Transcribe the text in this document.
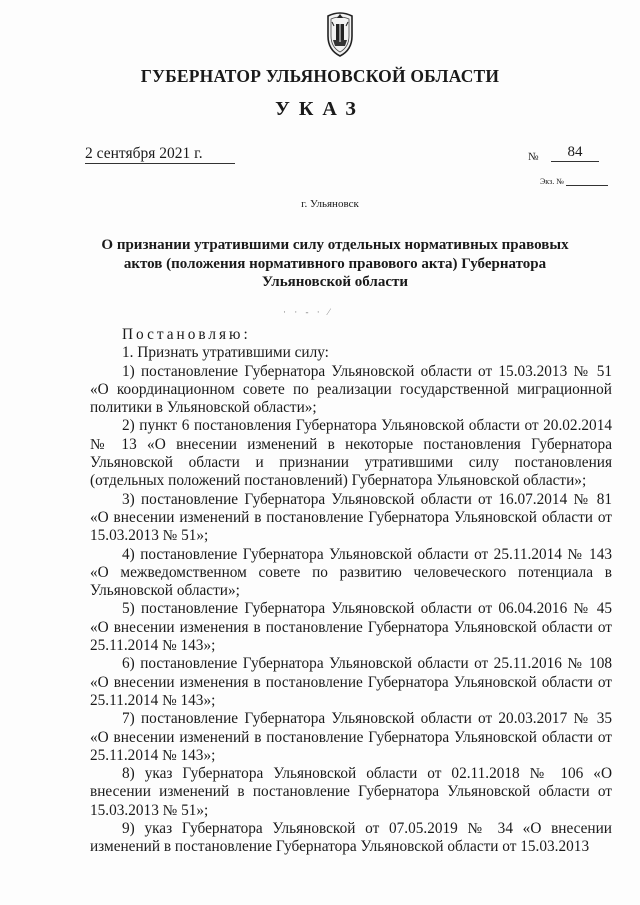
ГУБЕРНАТОР УЛЬЯНОВСКОЙ ОБЛАСТИ
УКАЗ
2 сентября 2021 г.	№	84
Экз. №
г. Ульяновск
О признании утратившими силу отдельных нормативных правовых актов (положения нормативного правового акта) Губернатора Ульяновской области
· · ‑ · ⁄

Постановляю:

1. Признать утратившими силу:

1) постановление Губернатора Ульяновской области от 15.03.2013 № 51 «О координационном совете по реализации государственной миграционной политики в Ульяновской области»;

2) пункт 6 постановления Губернатора Ульяновской области от 20.02.2014 № 13 «О внесении изменений в некоторые постановления Губернатора Ульяновской области и признании утратившими силу постановления (отдельных положений постановлений) Губернатора Ульяновской области»;

3) постановление Губернатора Ульяновской области от 16.07.2014 № 81 «О внесении изменений в постановление Губернатора Ульяновской области от 15.03.2013 № 51»;

4) постановление Губернатора Ульяновской области от 25.11.2014 № 143 «О межведомственном совете по развитию человеческого потенциала в Ульяновской области»;

5) постановление Губернатора Ульяновской области от 06.04.2016 № 45 «О внесении изменения в постановление Губернатора Ульяновской области от 25.11.2014 № 143»;

6) постановление Губернатора Ульяновской области от 25.11.2016 № 108 «О внесении изменения в постановление Губернатора Ульяновской области от 25.11.2014 № 143»;

7) постановление Губернатора Ульяновской области от 20.03.2017 № 35 «О внесении изменений в постановление Губернатора Ульяновской области от 25.11.2014 № 143»;

8) указ Губернатора Ульяновской области от 02.11.2018 № 106 «О внесении изменений в постановление Губернатора Ульяновской области от 15.03.2013 № 51»;

9) указ Губернатора Ульяновской от 07.05.2019 № 34 «О внесении изменений в постановление Губернатора Ульяновской области от 15.03.2013
